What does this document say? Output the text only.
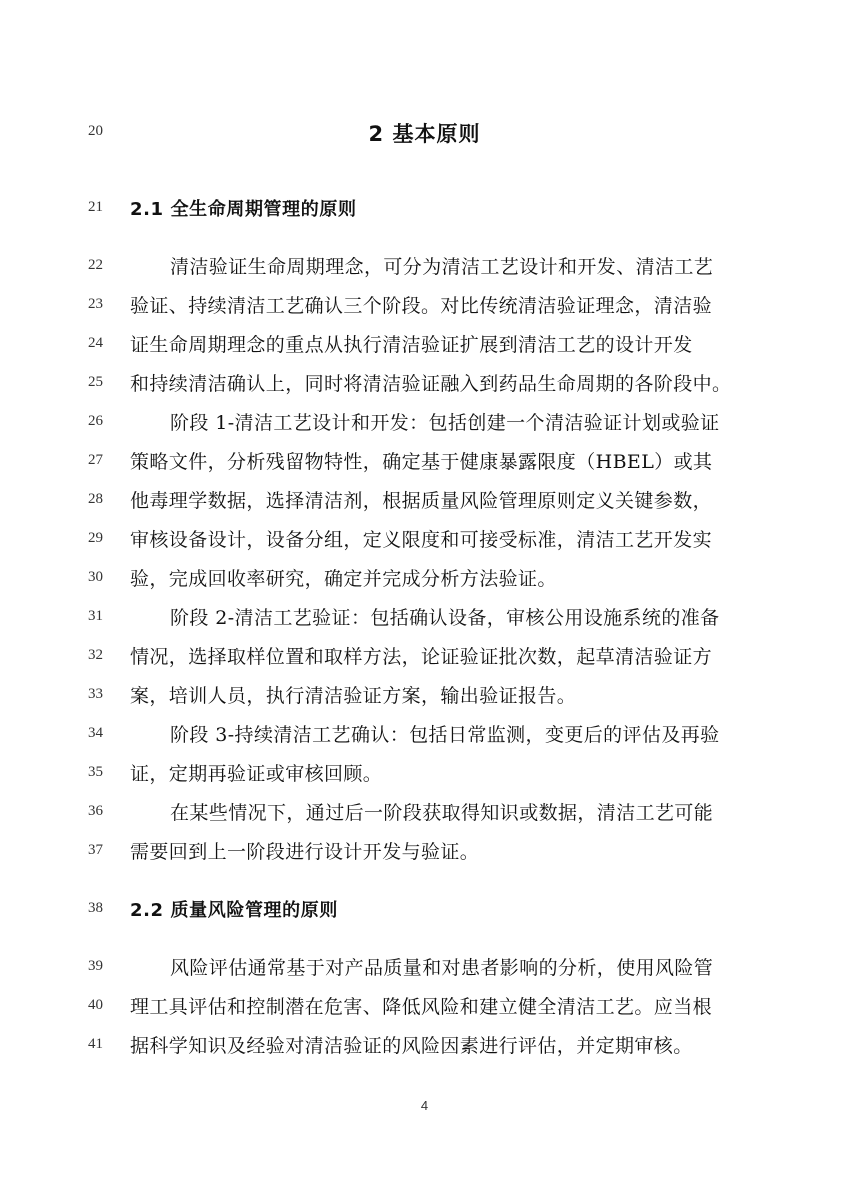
20	2 基本原则
21	2.1 全生命周期管理的原则
22	清洁验证生命周期理念，可分为清洁工艺设计和开发、清洁工艺
23	验证、持续清洁工艺确认三个阶段。对比传统清洁验证理念，清洁验
24	证生命周期理念的重点从执行清洁验证扩展到清洁工艺的设计开发
25	和持续清洁确认上，同时将清洁验证融入到药品生命周期的各阶段中。
26	阶段 1-清洁工艺设计和开发：包括创建一个清洁验证计划或验证
27	策略文件，分析残留物特性，确定基于健康暴露限度（HBEL）或其
28	他毒理学数据，选择清洁剂，根据质量风险管理原则定义关键参数，
29	审核设备设计，设备分组，定义限度和可接受标准，清洁工艺开发实
30	验，完成回收率研究，确定并完成分析方法验证。
31	阶段 2-清洁工艺验证：包括确认设备，审核公用设施系统的准备
32	情况，选择取样位置和取样方法，论证验证批次数，起草清洁验证方
33	案，培训人员，执行清洁验证方案，输出验证报告。
34	阶段 3-持续清洁工艺确认：包括日常监测，变更后的评估及再验
35	证，定期再验证或审核回顾。
36	在某些情况下，通过后一阶段获取得知识或数据，清洁工艺可能
37	需要回到上一阶段进行设计开发与验证。
38	2.2 质量风险管理的原则
39	风险评估通常基于对产品质量和对患者影响的分析，使用风险管
40	理工具评估和控制潜在危害、降低风险和建立健全清洁工艺。应当根
41	据科学知识及经验对清洁验证的风险因素进行评估，并定期审核。
4
